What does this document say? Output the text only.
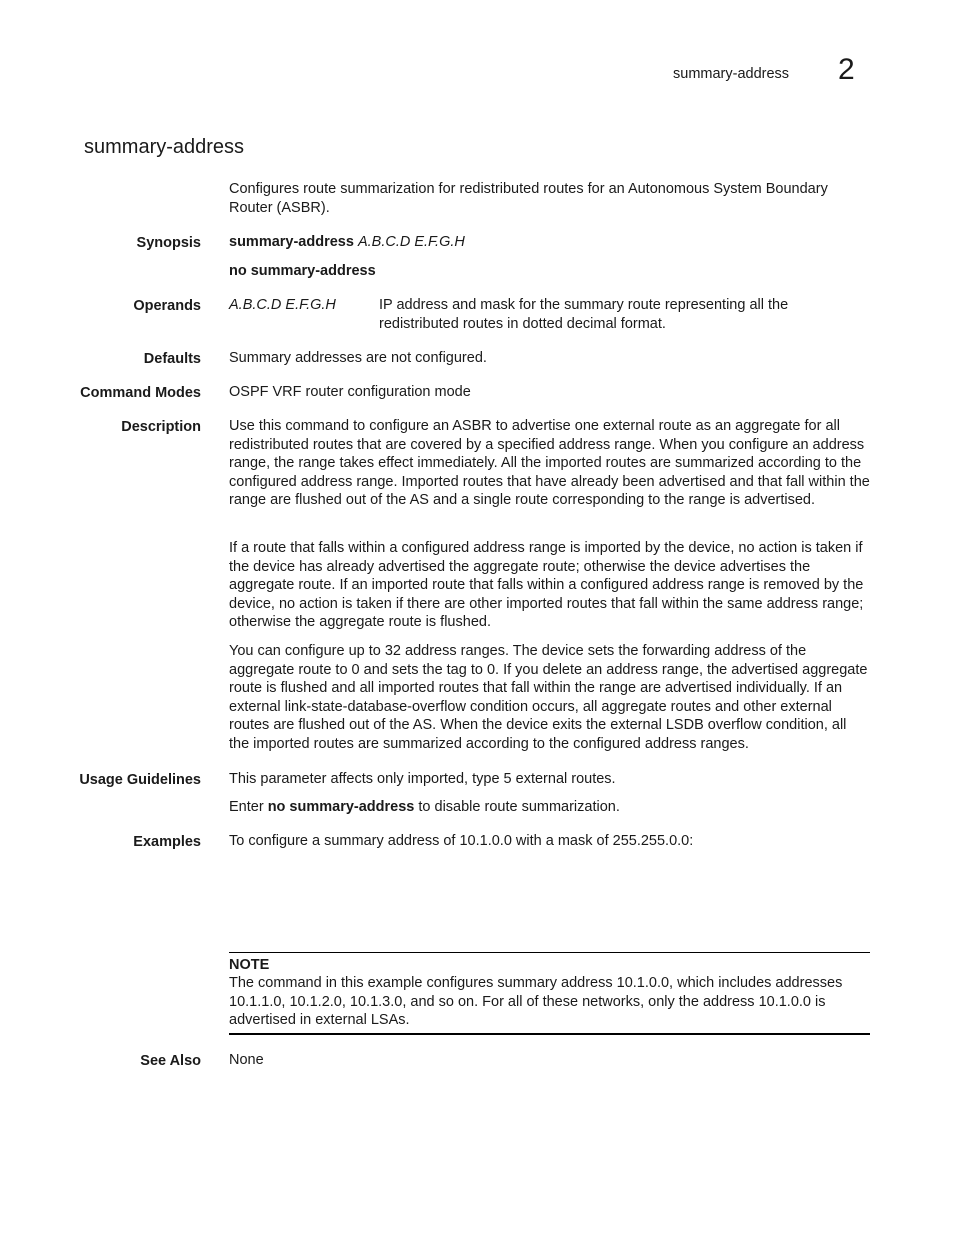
summary-address 2
summary-address
Configures route summarization for redistributed routes for an Autonomous System Boundary Router (ASBR).
Synopsis summary-address A.B.C.D E.F.G.H
no summary-address
Operands A.B.C.D E.F.G.H	IP address and mask for the summary route representing all the redistributed routes in dotted decimal format.
Defaults Summary addresses are not configured.
Command Modes OSPF VRF router configuration mode
Description Use this command to configure an ASBR to advertise one external route as an aggregate for all redistributed routes that are covered by a specified address range. When you configure an address range, the range takes effect immediately. All the imported routes are summarized according to the configured address range. Imported routes that have already been advertised and that fall within the range are flushed out of the AS and a single route corresponding to the range is advertised.
If a route that falls within a configured address range is imported by the device, no action is taken if the device has already advertised the aggregate route; otherwise the device advertises the aggregate route. If an imported route that falls within a configured address range is removed by the device, no action is taken if there are other imported routes that fall within the same address range; otherwise the aggregate route is flushed.
You can configure up to 32 address ranges. The device sets the forwarding address of the aggregate route to 0 and sets the tag to 0. If you delete an address range, the advertised aggregate route is flushed and all imported routes that fall within the range are advertised individually. If an external link-state-database-overflow condition occurs, all aggregate routes and other external routes are flushed out of the AS. When the device exits the external LSDB overflow condition, all the imported routes are summarized according to the configured address ranges.
Usage Guidelines This parameter affects only imported, type 5 external routes.
Enter no summary-address to disable route summarization.
Examples To configure a summary address of 10.1.0.0 with a mask of 255.255.0.0:
NOTE
The command in this example configures summary address 10.1.0.0, which includes addresses 10.1.1.0, 10.1.2.0, 10.1.3.0, and so on. For all of these networks, only the address 10.1.0.0 is advertised in external LSAs.
See Also None
